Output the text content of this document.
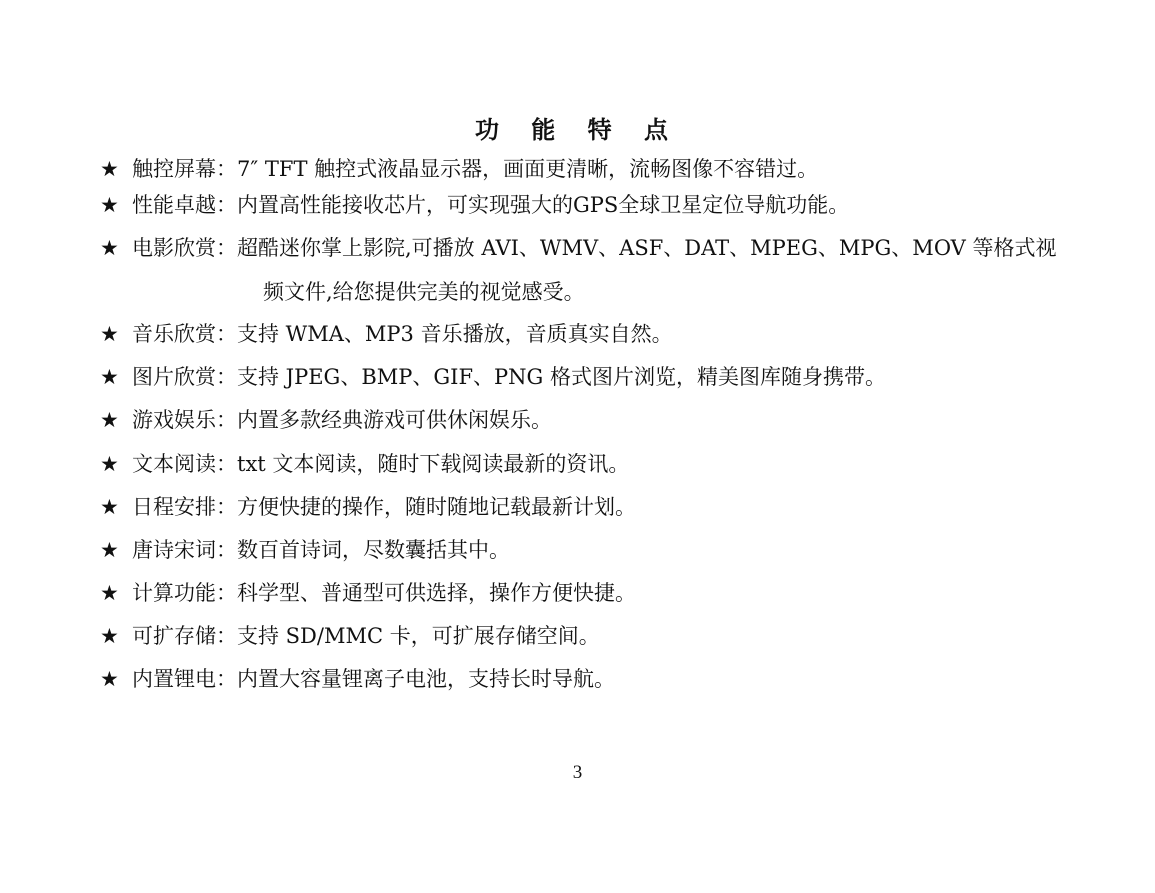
功 能 特 点
★ 触控屏幕：7″ TFT 触控式液晶显示器，画面更清晰，流畅图像不容错过。
★ 性能卓越：内置高性能接收芯片，可实现强大的GPS全球卫星定位导航功能。
★ 电影欣赏：超酷迷你掌上影院,可播放 AVI、WMV、ASF、DAT、MPEG、MPG、MOV 等格式视
频文件,给您提供完美的视觉感受。
★ 音乐欣赏：支持 WMA、MP3 音乐播放，音质真实自然。
★ 图片欣赏：支持 JPEG、BMP、GIF、PNG 格式图片浏览，精美图库随身携带。
★ 游戏娱乐：内置多款经典游戏可供休闲娱乐。
★ 文本阅读：txt 文本阅读，随时下载阅读最新的资讯。
★ 日程安排：方便快捷的操作，随时随地记载最新计划。
★ 唐诗宋词：数百首诗词，尽数囊括其中。
★ 计算功能：科学型、普通型可供选择，操作方便快捷。
★ 可扩存储：支持 SD/MMC 卡，可扩展存储空间。
★ 内置锂电：内置大容量锂离子电池，支持长时导航。
3
